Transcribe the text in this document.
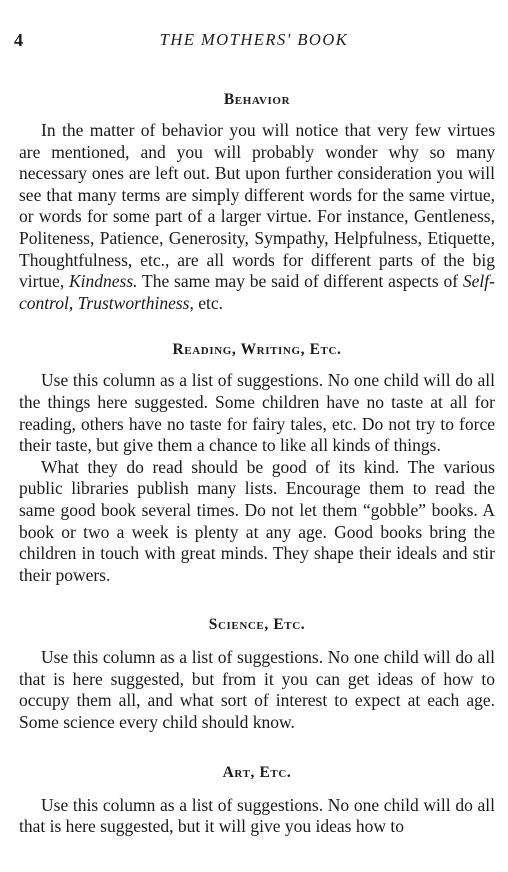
4	THE MOTHERS' BOOK
Behavior

In the matter of behavior you will notice that very few virtues are mentioned, and you will probably wonder why so many necessary ones are left out. But upon further consideration you will see that many terms are simply different words for the same virtue, or words for some part of a larger virtue. For instance, Gentleness, Politeness, Patience, Generosity, Sympathy, Helpfulness, Etiquette, Thoughtfulness, etc., are all words for different parts of the big virtue, Kindness. The same may be said of different aspects of Self-control, Trustworthiness, etc.

Reading, Writing, Etc.

Use this column as a list of suggestions. No one child will do all the things here suggested. Some children have no taste at all for reading, others have no taste for fairy tales, etc. Do not try to force their taste, but give them a chance to like all kinds of things.

What they do read should be good of its kind. The various public libraries publish many lists. Encourage them to read the same good book several times. Do not let them “gobble” books. A book or two a week is plenty at any age. Good books bring the children in touch with great minds. They shape their ideals and stir their powers.

Science, Etc.

Use this column as a list of suggestions. No one child will do all that is here suggested, but from it you can get ideas of how to occupy them all, and what sort of interest to expect at each age. Some science every child should know.

Art, Etc.

Use this column as a list of suggestions. No one child will do all that is here suggested, but it will give you ideas how to
